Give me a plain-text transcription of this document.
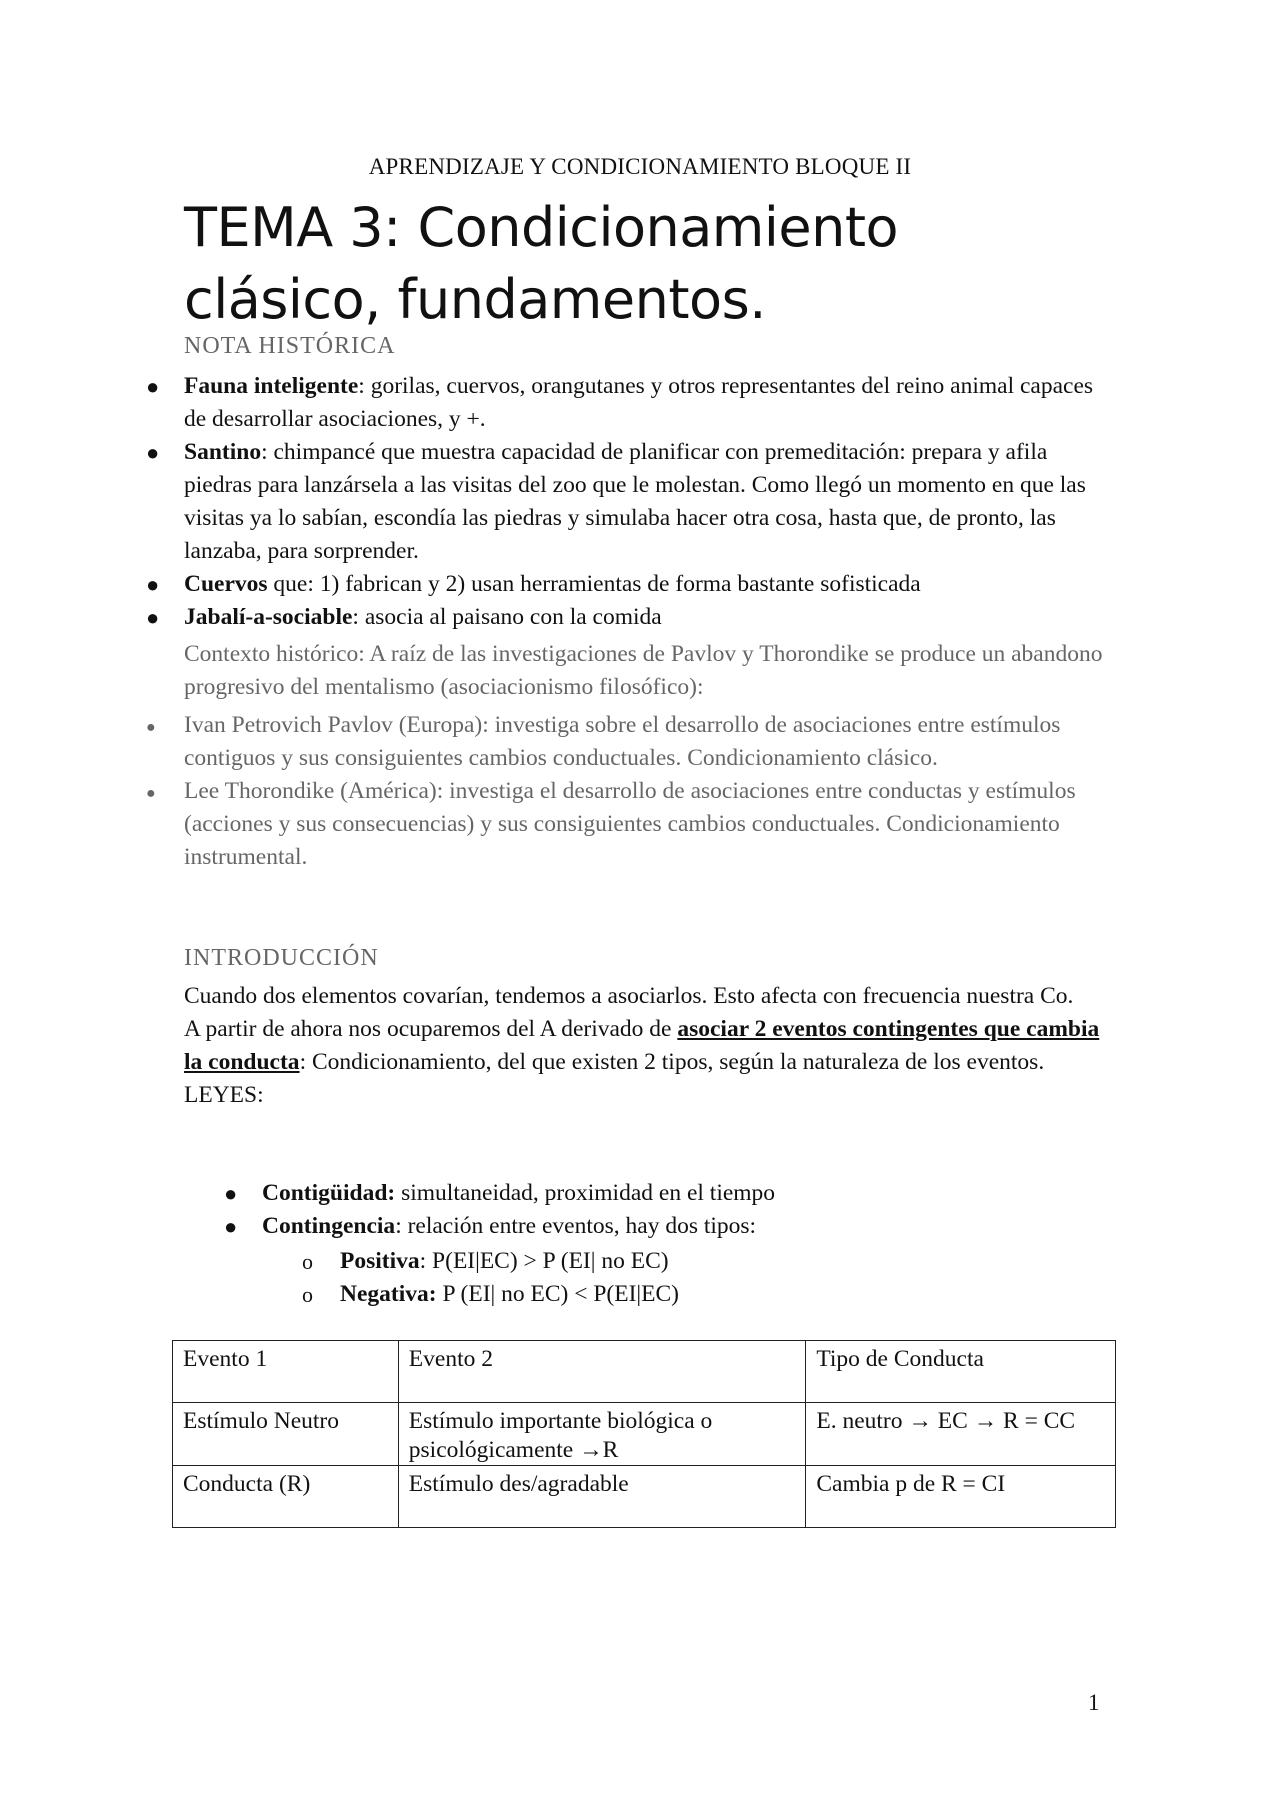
APRENDIZAJE Y CONDICIONAMIENTO BLOQUE II
TEMA 3: Condicionamiento clásico, fundamentos.
NOTA HISTÓRICA
● Fauna inteligente: gorilas, cuervos, orangutanes y otros representantes del reino animal capaces de desarrollar asociaciones, y +.
● Santino: chimpancé que muestra capacidad de planificar con premeditación: prepara y afila piedras para lanzársela a las visitas del zoo que le molestan. Como llegó un momento en que las visitas ya lo sabían, escondía las piedras y simulaba hacer otra cosa, hasta que, de pronto, las lanzaba, para sorprender.
● Cuervos que: 1) fabrican y 2) usan herramientas de forma bastante sofisticada
● Jabalí-a-sociable: asocia al paisano con la comida
Contexto histórico: A raíz de las investigaciones de Pavlov y Thorondike se produce un abandono progresivo del mentalismo (asociacionismo filosófico):
● Ivan Petrovich Pavlov (Europa): investiga sobre el desarrollo de asociaciones entre estímulos contiguos y sus consiguientes cambios conductuales. Condicionamiento clásico.
● Lee Thorondike (América): investiga el desarrollo de asociaciones entre conductas y estímulos (acciones y sus consecuencias) y sus consiguientes cambios conductuales. Condicionamiento instrumental.
INTRODUCCIÓN
Cuando dos elementos covarían, tendemos a asociarlos. Esto afecta con frecuencia nuestra Co.
A partir de ahora nos ocuparemos del A derivado de asociar 2 eventos contingentes que cambia la conducta: Condicionamiento, del que existen 2 tipos, según la naturaleza de los eventos.
LEYES:
● Contigüidad: simultaneidad, proximidad en el tiempo
● Contingencia: relación entre eventos, hay dos tipos:
o Positiva: P(EI|EC) > P (EI| no EC)
o Negativa: P (EI| no EC) < P(EI|EC)
Evento 1	Evento 2	Tipo de Conducta
Estímulo Neutro	Estímulo importante biológica o psicológicamente →R	E. neutro → EC → R = CC
Conducta (R)	Estímulo des/agradable	Cambia p de R = CI
1
